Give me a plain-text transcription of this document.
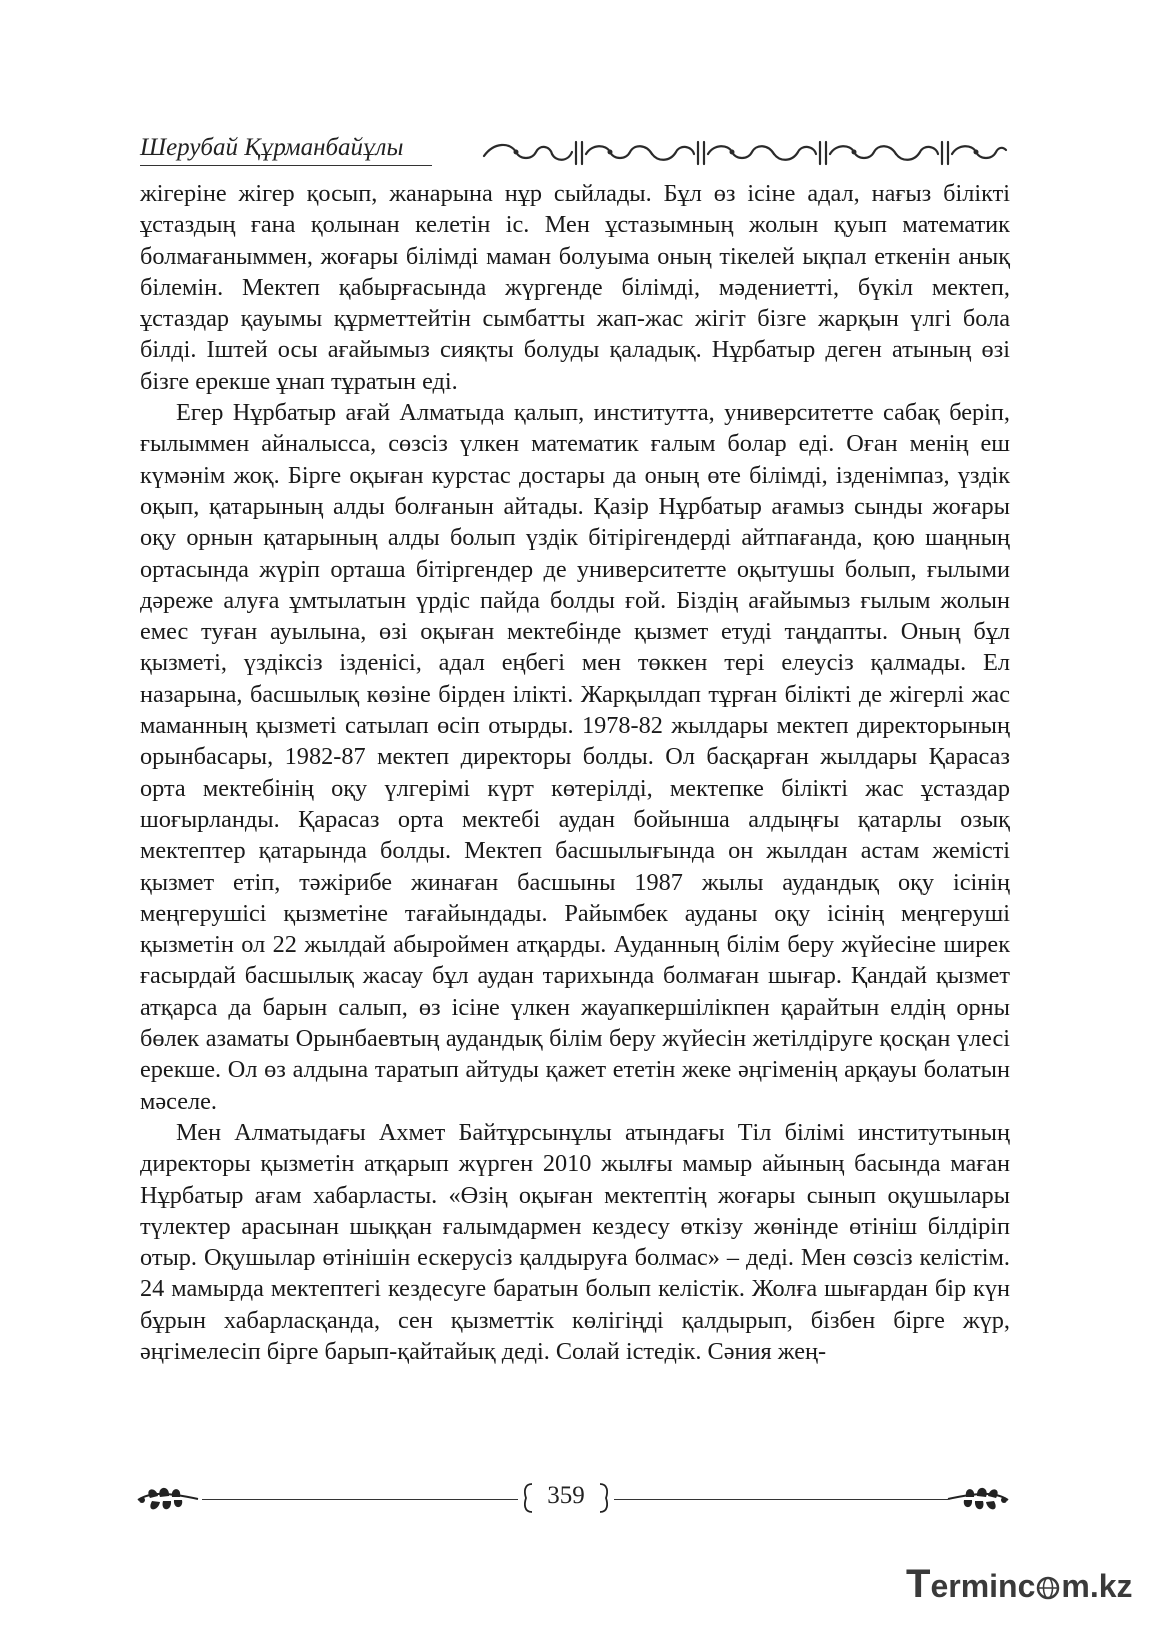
Шерубай Құрманбайұлы

жігеріне жігер қосып, жанарына нұр сыйлады. Бұл өз ісіне адал, нағыз білікті ұстаздың ғана қолынан келетін іс. Мен ұстазымның жолын қуып математик болмағаныммен, жоғары білімді маман болуыма оның тікелей ықпал еткенін анық білемін. Мектеп қабырғасында жүргенде білімді, мәдениетті, бүкіл мектеп, ұстаздар қауымы құрметтейтін сымбатты жап-жас жігіт бізге жарқын үлгі бола білді. Іштей осы ағайымыз сияқты болуды қаладық. Нұрбатыр деген атының өзі бізге ерекше ұнап тұратын еді.

Егер Нұрбатыр ағай Алматыда қалып, институтта, университетте сабақ беріп, ғылыммен айналысса, сөзсіз үлкен математик ғалым болар еді. Оған менің еш күмәнім жоқ. Бірге оқыған курстас достары да оның өте білімді, ізденімпаз, үздік оқып, қатарының алды болғанын айтады. Қазір Нұрбатыр ағамыз сынды жоғары оқу орнын қатарының алды болып үздік бітірігендерді айтпағанда, қою шаңның ортасында жүріп орташа бітіргендер де университетте оқытушы болып, ғылыми дәреже алуға ұмтылатын үрдіс пайда болды ғой. Біздің ағайымыз ғылым жолын емес туған ауылына, өзі оқыған мектебінде қызмет етуді таңдапты. Оның бұл қызметі, үздіксіз ізденісі, адал еңбегі мен төккен тері елеусіз қалмады. Ел назарына, басшылық көзіне бірден ілікті. Жарқылдап тұрған білікті де жігерлі жас маманның қызметі сатылап өсіп отырды. 1978-82 жылдары мектеп директорының орынбасары, 1982-87 мектеп директоры болды. Ол басқарған жылдары Қарасаз орта мектебінің оқу үлгерімі күрт көтерілді, мектепке білікті жас ұстаздар шоғырланды. Қарасаз орта мектебі аудан бойынша алдыңғы қатарлы озық мектептер қатарында болды. Мектеп басшылығында он жылдан астам жемісті қызмет етіп, тәжірибе жинаған басшыны 1987 жылы аудандық оқу ісінің меңгерушісі қызметіне тағайындады. Райымбек ауданы оқу ісінің меңгеруші қызметін ол 22 жылдай абыроймен атқарды. Ауданның білім беру жүйесіне ширек ғасырдай басшылық жасау бұл аудан тарихында болмаған шығар. Қандай қызмет атқарса да барын салып, өз ісіне үлкен жауапкершілікпен қарайтын елдің орны бөлек азаматы Орынбаевтың аудандық білім беру жүйесін жетілдіруге қосқан үлесі ерекше. Ол өз алдына таратып айтуды қажет ететін жеке әңгіменің арқауы болатын мәселе.

Мен Алматыдағы Ахмет Байтұрсынұлы атындағы Тіл білімі институтының директоры қызметін атқарып жүрген 2010 жылғы мамыр айының басында маған Нұрбатыр ағам хабарласты. «Өзің оқыған мектептің жоғары сынып оқушылары түлектер арасынан шыққан ғалымдармен кездесу өткізу жөнінде өтініш білдіріп отыр. Оқушылар өтінішін ескерусіз қалдыруға болмас» – деді. Мен сөзсіз келістім. 24 мамырда мектептегі кездесуге баратын болып келістік. Жолға шығардан бір күн бұрын хабарласқанда, сен қызметтік көлігіңді қалдырып, бізбен бірге жүр, әңгімелесіп бірге барып-қайтайық деді. Солай істедік. Сәния жең-

359
Terminc m.kz
